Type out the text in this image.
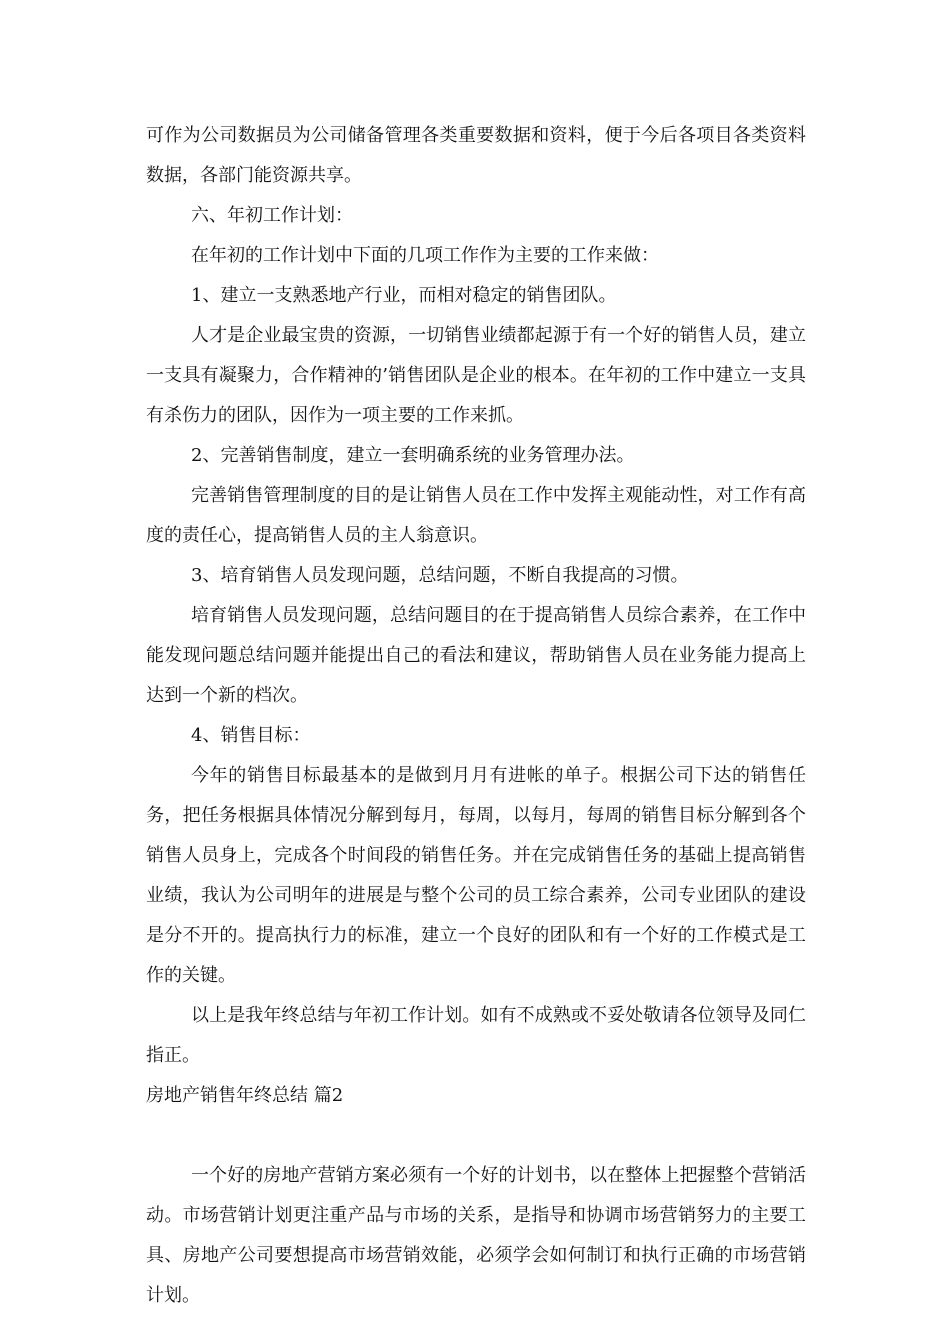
可作为公司数据员为公司储备管理各类重要数据和资料，便于今后各项目各类资料数据，各部门能资源共享。

六、年初工作计划：

在年初的工作计划中下面的几项工作作为主要的工作来做：

1、建立一支熟悉地产行业，而相对稳定的销售团队。

人才是企业最宝贵的资源，一切销售业绩都起源于有一个好的销售人员，建立一支具有凝聚力，合作精神的’销售团队是企业的根本。在年初的工作中建立一支具有杀伤力的团队，因作为一项主要的工作来抓。

2、完善销售制度，建立一套明确系统的业务管理办法。

完善销售管理制度的目的是让销售人员在工作中发挥主观能动性，对工作有高度的责任心，提高销售人员的主人翁意识。

3、培育销售人员发现问题，总结问题，不断自我提高的习惯。

培育销售人员发现问题，总结问题目的在于提高销售人员综合素养，在工作中能发现问题总结问题并能提出自己的看法和建议，帮助销售人员在业务能力提高上达到一个新的档次。

4、销售目标：

今年的销售目标最基本的是做到月月有进帐的单子。根据公司下达的销售任务，把任务根据具体情况分解到每月，每周，以每月，每周的销售目标分解到各个销售人员身上，完成各个时间段的销售任务。并在完成销售任务的基础上提高销售业绩，我认为公司明年的进展是与整个公司的员工综合素养，公司专业团队的建设是分不开的。提高执行力的标准，建立一个良好的团队和有一个好的工作模式是工作的关键。

以上是我年终总结与年初工作计划。如有不成熟或不妥处敬请各位领导及同仁指正。

房地产销售年终总结 篇2

一个好的房地产营销方案必须有一个好的计划书，以在整体上把握整个营销活动。市场营销计划更注重产品与市场的关系，是指导和协调市场营销努力的主要工具、房地产公司要想提高市场营销效能，必须学会如何制订和执行正确的市场营销计划。
